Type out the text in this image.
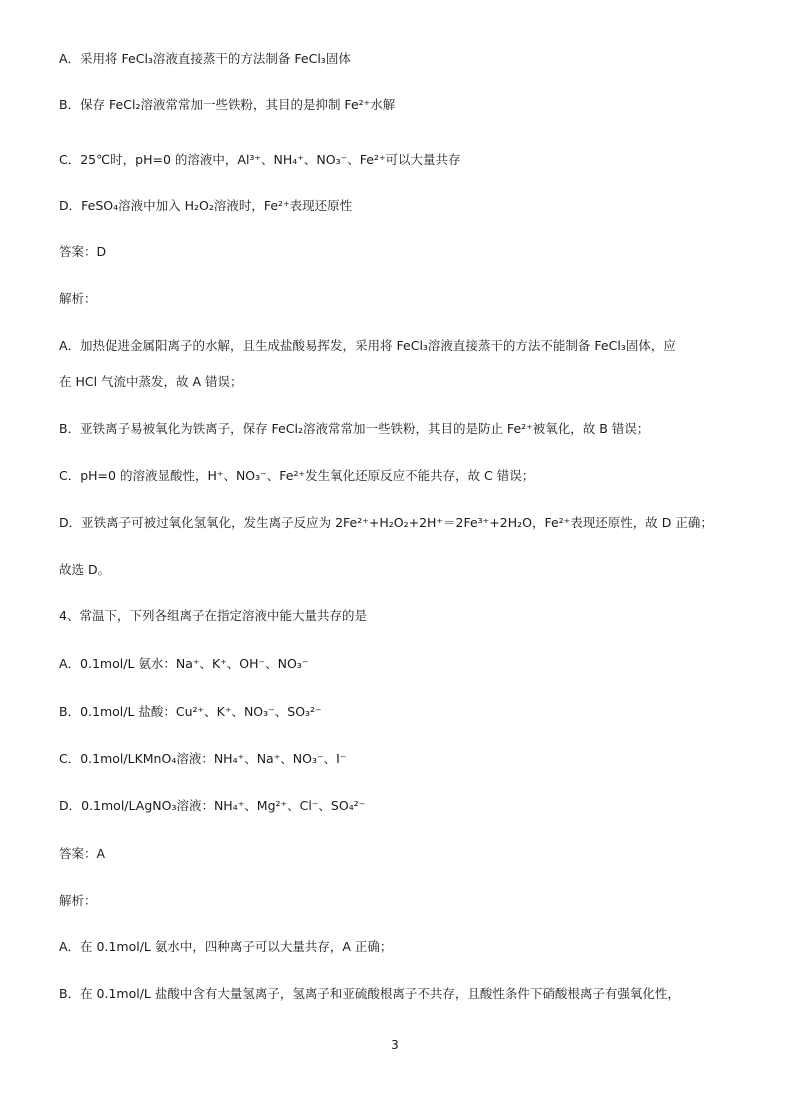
A．采用将 FeCl₃溶液直接蒸干的方法制备 FeCl₃固体
B．保存 FeCl₂溶液常常加一些铁粉，其目的是抑制 Fe²⁺水解
C．25℃时，pH=0 的溶液中，Al³⁺、NH₄⁺、NO₃⁻、Fe²⁺可以大量共存
D．FeSO₄溶液中加入 H₂O₂溶液时，Fe²⁺表现还原性
答案：D
解析：
A．加热促进金属阳离子的水解，且生成盐酸易挥发，采用将 FeCl₃溶液直接蒸干的方法不能制备 FeCl₃固体，应
在 HCl 气流中蒸发，故 A 错误；
B．亚铁离子易被氧化为铁离子，保存 FeCl₂溶液常常加一些铁粉，其目的是防止 Fe²⁺被氧化，故 B 错误；
C．pH=0 的溶液显酸性，H⁺、NO₃⁻、Fe²⁺发生氧化还原反应不能共存，故 C 错误；
D．亚铁离子可被过氧化氢氧化，发生离子反应为 2Fe²⁺+H₂O₂+2H⁺＝2Fe³⁺+2H₂O，Fe²⁺表现还原性，故 D 正确；
故选 D。
4、常温下，下列各组离子在指定溶液中能大量共存的是
A．0.1mol/L 氨水：Na⁺、K⁺、OH⁻、NO₃⁻
B．0.1mol/L 盐酸：Cu²⁺、K⁺、NO₃⁻、SO₃²⁻
C．0.1mol/LKMnO₄溶液：NH₄⁺、Na⁺、NO₃⁻、I⁻
D．0.1mol/LAgNO₃溶液：NH₄⁺、Mg²⁺、Cl⁻、SO₄²⁻
答案：A
解析：
A．在 0.1mol/L 氨水中，四种离子可以大量共存，A 正确；
B．在 0.1mol/L 盐酸中含有大量氢离子，氢离子和亚硫酸根离子不共存，且酸性条件下硝酸根离子有强氧化性，
3
